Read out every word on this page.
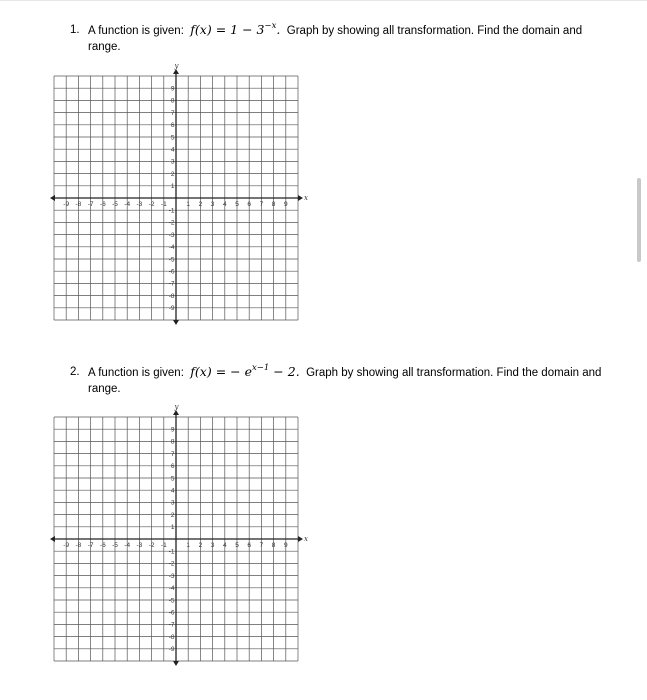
1. A function is given: $f(x) = 1 - 3^{-x}$. Graph by showing all transformation. Find the domain and range.
x
y
-9 -8 -7 -6 -5 -4 -3 -2 -1	1 2 3 4 5 6 7 8 9
9
8
7
6
5
4
3
2
1
-1
-2
-3
-4
-5
-6
-7
-8
-9
2. A function is given: f(x) = − $e^{x-1} - 2$. Graph by showing all transformation. Find the domain and range.
x
y
-9 -8 -7 -6 -5 -4 -3 -2 -1	1 2 3 4 5 6 7 8 9
9
8
7
6
5
4
3
2
1
-1
-2
-3
-4
-5
-6
-7
-8
-9
